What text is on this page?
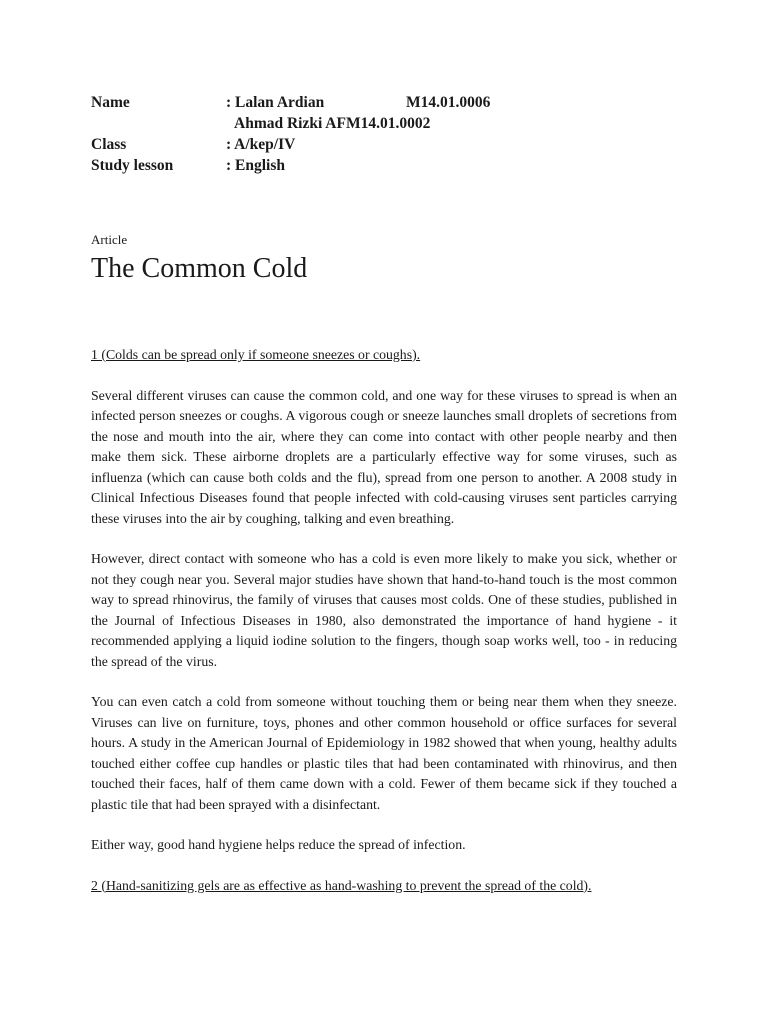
Name	: Lalan Ardian	M14.01.0006
Ahmad Rizki AFM14.01.0002
Class	: A/kep/IV
Study lesson	: English
Article
The Common Cold

1 (Colds can be spread only if someone sneezes or coughs).

Several different viruses can cause the common cold, and one way for these viruses to spread is when an infected person sneezes or coughs. A vigorous cough or sneeze launches small droplets of secretions from the nose and mouth into the air, where they can come into contact with other people nearby and then make them sick. These airborne droplets are a particularly effective way for some viruses, such as influenza (which can cause both colds and the flu), spread from one person to another. A 2008 study in Clinical Infectious Diseases found that people infected with cold-causing viruses sent particles carrying these viruses into the air by coughing, talking and even breathing.

However, direct contact with someone who has a cold is even more likely to make you sick, whether or not they cough near you. Several major studies have shown that hand-to-hand touch is the most common way to spread rhinovirus, the family of viruses that causes most colds. One of these studies, published in the Journal of Infectious Diseases in 1980, also demonstrated the importance of hand hygiene - it recommended applying a liquid iodine solution to the fingers, though soap works well, too - in reducing the spread of the virus.

You can even catch a cold from someone without touching them or being near them when they sneeze. Viruses can live on furniture, toys, phones and other common household or office surfaces for several hours. A study in the American Journal of Epidemiology in 1982 showed that when young, healthy adults touched either coffee cup handles or plastic tiles that had been contaminated with rhinovirus, and then touched their faces, half of them came down with a cold. Fewer of them became sick if they touched a plastic tile that had been sprayed with a disinfectant.

Either way, good hand hygiene helps reduce the spread of infection.

2 (Hand-sanitizing gels are as effective as hand-washing to prevent the spread of the cold).
